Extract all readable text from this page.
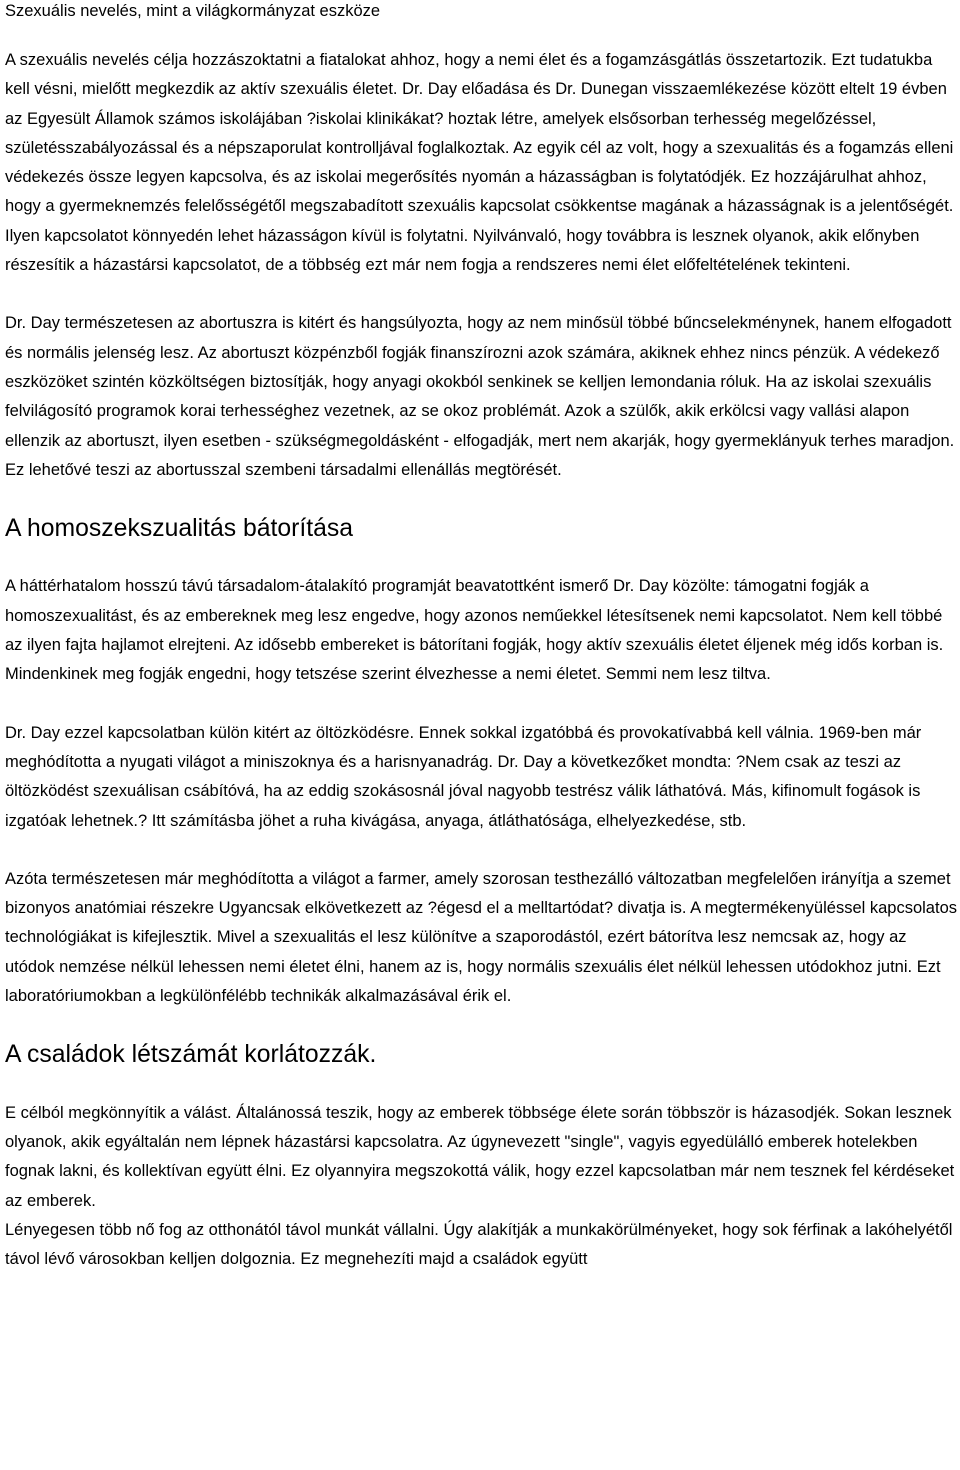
Szexuális nevelés, mint a világkormányzat eszköze

A szexuális nevelés célja hozzászoktatni a fiatalokat ahhoz, hogy a nemi élet és a fogamzásgátlás összetartozik. Ezt tudatukba kell vésni, mielőtt megkezdik az aktív szexuális életet. Dr. Day előadása és Dr. Dunegan visszaemlékezése között eltelt 19 évben az Egyesült Államok számos iskolájában ?iskolai klinikákat? hoztak létre, amelyek elsősorban terhesség megelőzéssel, születésszabályozással és a népszaporulat kontrolljával foglalkoztak. Az egyik cél az volt, hogy a szexualitás és a fogamzás elleni védekezés össze legyen kapcsolva, és az iskolai megerősítés nyomán a házasságban is folytatódjék. Ez hozzájárulhat ahhoz, hogy a gyermeknemzés felelősségétől megszabadított szexuális kapcsolat csökkentse magának a házasságnak is a jelentőségét. Ilyen kapcsolatot könnyedén lehet házasságon kívül is folytatni. Nyilvánvaló, hogy továbbra is lesznek olyanok, akik előnyben részesítik a házastársi kapcsolatot, de a többség ezt már nem fogja a rendszeres nemi élet előfeltételének tekinteni.

Dr. Day természetesen az abortuszra is kitért és hangsúlyozta, hogy az nem minősül többé bűncselekménynek, hanem elfogadott és normális jelenség lesz. Az abortuszt közpénzből fogják finanszírozni azok számára, akiknek ehhez nincs pénzük. A védekező eszközöket szintén közköltségen biztosítják, hogy anyagi okokból senkinek se kelljen lemondania róluk. Ha az iskolai szexuális felvilágosító programok korai terhességhez vezetnek, az se okoz problémát. Azok a szülők, akik erkölcsi vagy vallási alapon ellenzik az abortuszt, ilyen esetben - szükségmegoldásként - elfogadják, mert nem akarják, hogy gyermeklányuk terhes maradjon. Ez lehetővé teszi az abortusszal szembeni társadalmi ellenállás megtörését.

A homoszekszualitás bátorítása

A háttérhatalom hosszú távú társadalom-átalakító programját beavatottként ismerő Dr. Day közölte: támogatni fogják a homoszexualitást, és az embereknek meg lesz engedve, hogy azonos neműekkel létesítsenek nemi kapcsolatot. Nem kell többé az ilyen fajta hajlamot elrejteni. Az idősebb embereket is bátorítani fogják, hogy aktív szexuális életet éljenek még idős korban is. Mindenkinek meg fogják engedni, hogy tetszése szerint élvezhesse a nemi életet. Semmi nem lesz tiltva.

Dr. Day ezzel kapcsolatban külön kitért az öltözködésre. Ennek sokkal izgatóbbá és provokatívabbá kell válnia. 1969-ben már meghódította a nyugati világot a miniszoknya és a harisnyanadrág. Dr. Day a következőket mondta: ?Nem csak az teszi az öltözködést szexuálisan csábítóvá, ha az eddig szokásosnál jóval nagyobb testrész válik láthatóvá. Más, kifinomult fogások is izgatóak lehetnek.? Itt számításba jöhet a ruha kivágása, anyaga, átláthatósága, elhelyezkedése, stb.

Azóta természetesen már meghódította a világot a farmer, amely szorosan testhezálló változatban megfelelően irányítja a szemet bizonyos anatómiai részekre Ugyancsak elkövetkezett az ?égesd el a melltartódat? divatja is. A megtermékenyüléssel kapcsolatos technológiákat is kifejlesztik. Mivel a szexualitás el lesz különítve a szaporodástól, ezért bátorítva lesz nemcsak az, hogy az utódok nemzése nélkül lehessen nemi életet élni, hanem az is, hogy normális szexuális élet nélkül lehessen utódokhoz jutni. Ezt laboratóriumokban a legkülönfélébb technikák alkalmazásával érik el.

A családok létszámát korlátozzák.

E célból megkönnyítik a válást. Általánossá teszik, hogy az emberek többsége élete során többször is házasodjék. Sokan lesznek olyanok, akik egyáltalán nem lépnek házastársi kapcsolatra. Az úgynevezett "single", vagyis egyedülálló emberek hotelekben fognak lakni, és kollektívan együtt élni. Ez olyannyira megszokottá válik, hogy ezzel kapcsolatban már nem tesznek fel kérdéseket az emberek.

Lényegesen több nő fog az otthonától távol munkát vállalni. Úgy alakítják a munkakörülményeket, hogy sok férfinak a lakóhelyétől távol lévő városokban kelljen dolgoznia. Ez megnehezíti majd a családok együtt
